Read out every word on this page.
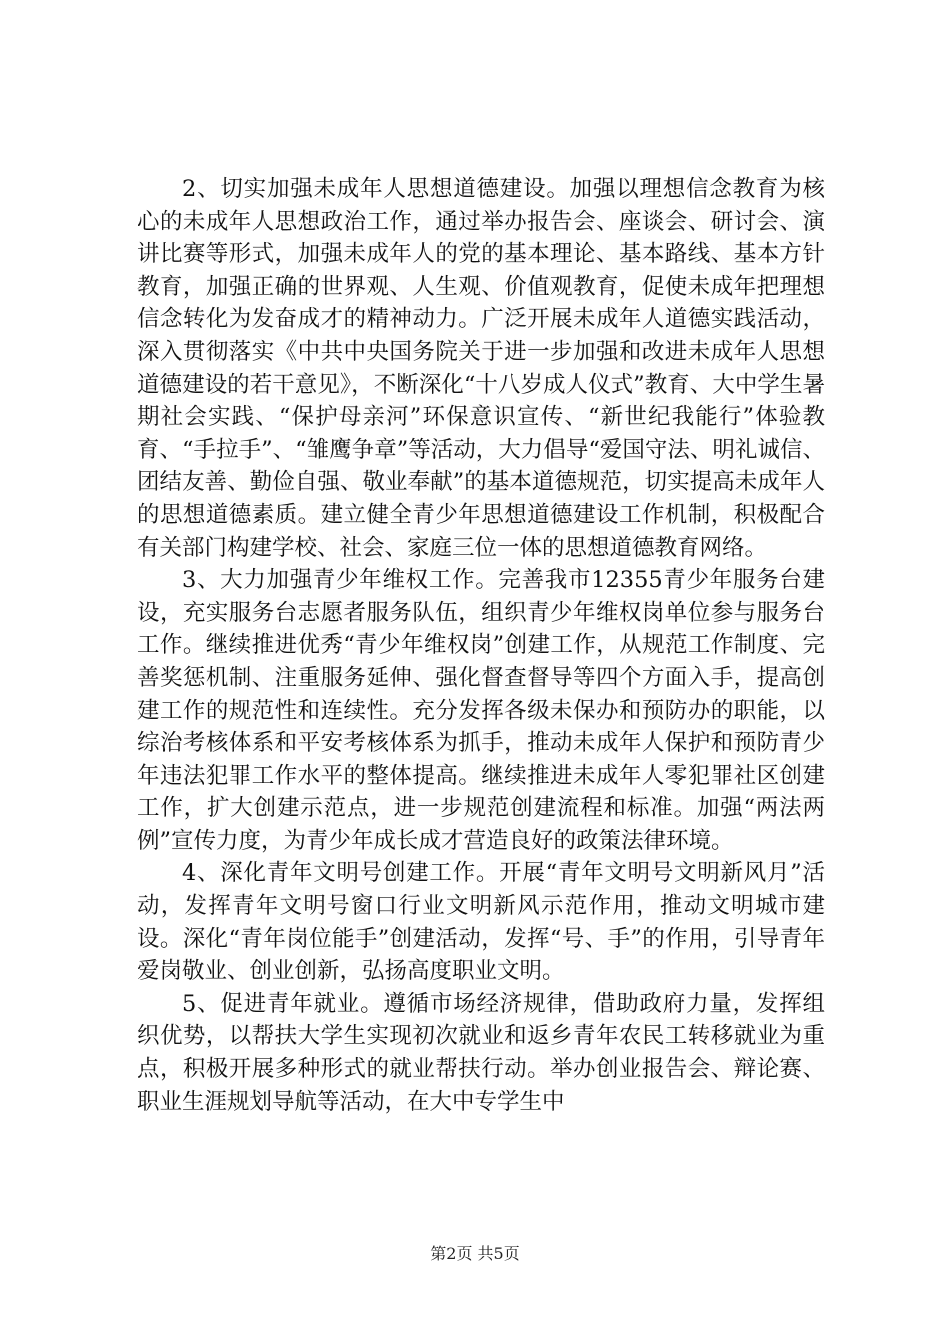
2、切实加强未成年人思想道德建设。加强以理想信念教育为核心的未成年人思想政治工作，通过举办报告会、座谈会、研讨会、演讲比赛等形式，加强未成年人的党的基本理论、基本路线、基本方针教育，加强正确的世界观、人生观、价值观教育，促使未成年把理想信念转化为发奋成才的精神动力。广泛开展未成年人道德实践活动，深入贯彻落实《中共中央国务院关于进一步加强和改进未成年人思想道德建设的若干意见》，不断深化“十八岁成人仪式”教育、大中学生暑期社会实践、“保护母亲河”环保意识宣传、“新世纪我能行”体验教育、“手拉手”、“雏鹰争章”等活动，大力倡导“爱国守法、明礼诚信、团结友善、勤俭自强、敬业奉献”的基本道德规范，切实提高未成年人的思想道德素质。建立健全青少年思想道德建设工作机制，积极配合有关部门构建学校、社会、家庭三位一体的思想道德教育网络。

3、大力加强青少年维权工作。完善我市12355青少年服务台建设，充实服务台志愿者服务队伍，组织青少年维权岗单位参与服务台工作。继续推进优秀“青少年维权岗”创建工作，从规范工作制度、完善奖惩机制、注重服务延伸、强化督查督导等四个方面入手，提高创建工作的规范性和连续性。充分发挥各级未保办和预防办的职能，以综治考核体系和平安考核体系为抓手，推动未成年人保护和预防青少年违法犯罪工作水平的整体提高。继续推进未成年人零犯罪社区创建工作，扩大创建示范点，进一步规范创建流程和标准。加强“两法两例”宣传力度，为青少年成长成才营造良好的政策法律环境。

4、深化青年文明号创建工作。开展“青年文明号文明新风月”活动，发挥青年文明号窗口行业文明新风示范作用，推动文明城市建设。深化“青年岗位能手”创建活动，发挥“号、手”的作用，引导青年爱岗敬业、创业创新，弘扬高度职业文明。

5、促进青年就业。遵循市场经济规律，借助政府力量，发挥组织优势，以帮扶大学生实现初次就业和返乡青年农民工转移就业为重点，积极开展多种形式的就业帮扶行动。举办创业报告会、辩论赛、职业生涯规划导航等活动，在大中专学生中

第2页 共5页
